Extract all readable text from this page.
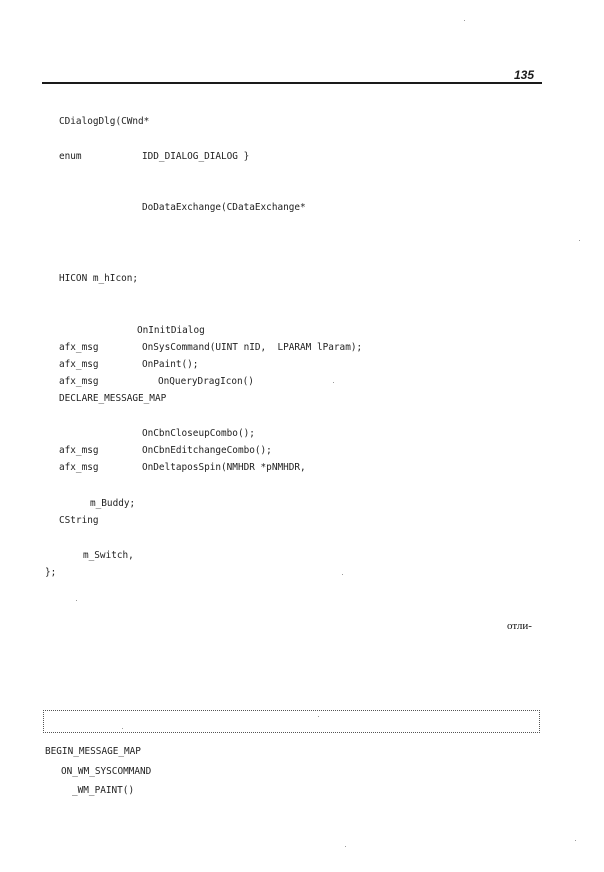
135
CDialogDlg(CWnd*
enum	IDD_DIALOG_DIALOG }
DoDataExchange(CDataExchange*
HICON m_hIcon;
OnInitDialog
afx_msg	OnSysCommand(UINT nID,  LPARAM lParam);
afx_msg	OnPaint();
afx_msg	OnQueryDragIcon()
DECLARE_MESSAGE_MAP
OnCbnCloseupCombo();
afx_msg	OnCbnEditchangeCombo();
afx_msg	OnDeltaposSpin(NMHDR *pNMHDR,
m_Buddy;
CString
m_Switch,
};
отли-
BEGIN_MESSAGE_MAP
ON_WM_SYSCOMMAND
_WM_PAINT()
